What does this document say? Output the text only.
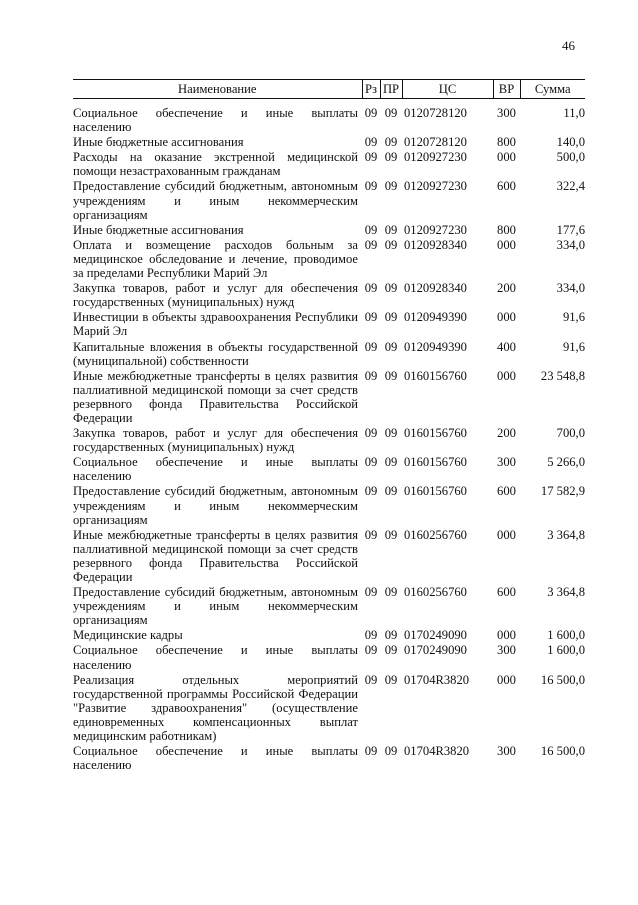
46
Наименование	Рз	ПР	ЦС	ВР	Сумма

Социальное обеспечение и иные выплаты населению	09	09	0120728120	300	11,0
Иные бюджетные ассигнования	09	09	0120728120	800	140,0
Расходы на оказание экстренной медицинской помощи незастрахованным гражданам	09	09	0120927230	000	500,0
Предоставление субсидий бюджетным, автономным учреждениям и иным некоммерческим организациям	09	09	0120927230	600	322,4
Иные бюджетные ассигнования	09	09	0120927230	800	177,6
Оплата и возмещение расходов больным за медицинское обследование и лечение, проводимое за пределами Республики Марий Эл	09	09	0120928340	000	334,0
Закупка товаров, работ и услуг для обеспечения государственных (муниципальных) нужд	09	09	0120928340	200	334,0
Инвестиции в объекты здравоохранения Республики Марий Эл	09	09	0120949390	000	91,6
Капитальные вложения в объекты государственной (муниципальной) собственности	09	09	0120949390	400	91,6
Иные межбюджетные трансферты в целях развития паллиативной медицинской помощи за счет средств резервного фонда Правительства Российской Федерации	09	09	0160156760	000	23 548,8
Закупка товаров, работ и услуг для обеспечения государственных (муниципальных) нужд	09	09	0160156760	200	700,0
Социальное обеспечение и иные выплаты населению	09	09	0160156760	300	5 266,0
Предоставление субсидий бюджетным, автономным учреждениям и иным некоммерческим организациям	09	09	0160156760	600	17 582,9
Иные межбюджетные трансферты в целях развития паллиативной медицинской помощи за счет средств резервного фонда Правительства Российской Федерации	09	09	0160256760	000	3 364,8
Предоставление субсидий бюджетным, автономным учреждениям и иным некоммерческим организациям	09	09	0160256760	600	3 364,8
Медицинские кадры	09	09	0170249090	000	1 600,0
Социальное обеспечение и иные выплаты населению	09	09	0170249090	300	1 600,0
Реализация отдельных мероприятий государственной программы Российской Федерации "Развитие здравоохранения" (осуществление единовременных компенсационных выплат медицинским работникам)	09	09	01704R3820	000	16 500,0
Социальное обеспечение и иные выплаты населению	09	09	01704R3820	300	16 500,0
